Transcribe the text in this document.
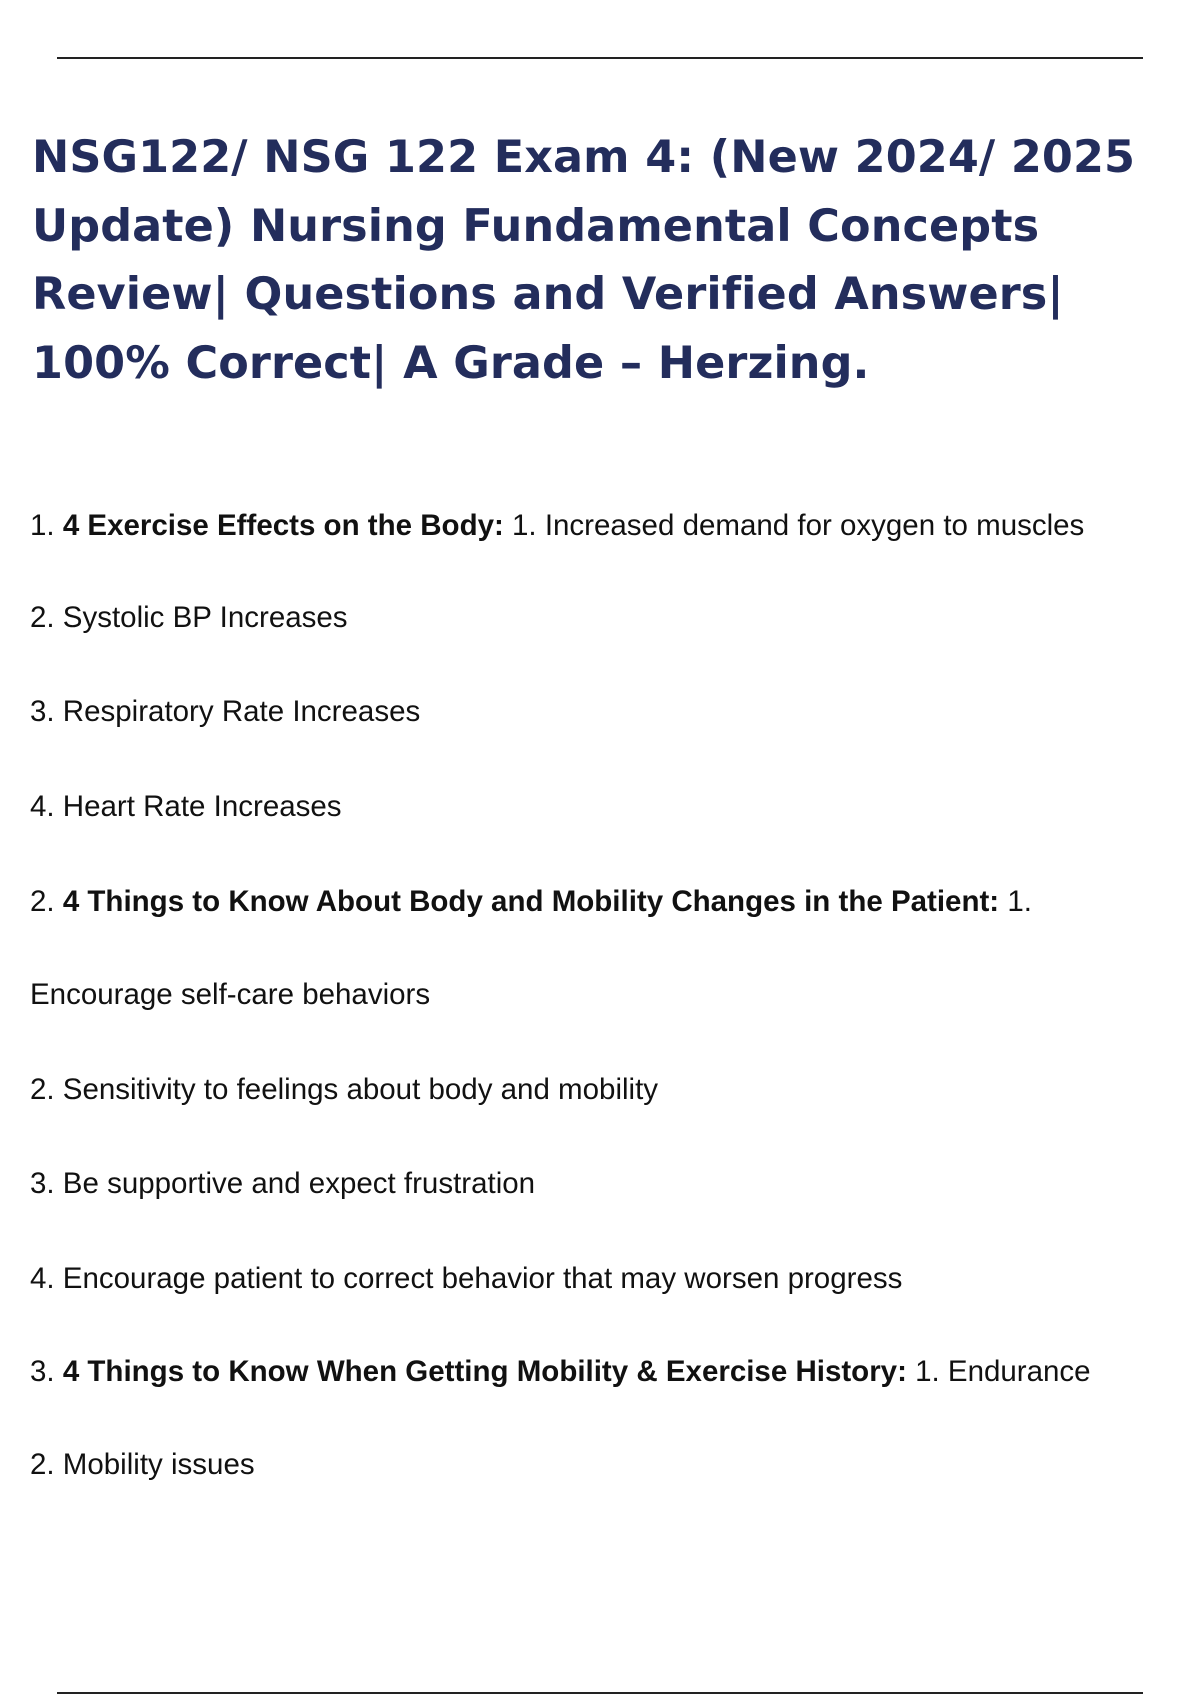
NSG122/ NSG 122 Exam 4: (New 2024/ 2025 Update) Nursing Fundamental Concepts Review| Questions and Verified Answers| 100% Correct| A Grade – Herzing.

1. 4 Exercise Effects on the Body: 1. Increased demand for oxygen to muscles

2. Systolic BP Increases

3. Respiratory Rate Increases

4. Heart Rate Increases

2. 4 Things to Know About Body and Mobility Changes in the Patient: 1.

Encourage self-care behaviors

2. Sensitivity to feelings about body and mobility

3. Be supportive and expect frustration

4. Encourage patient to correct behavior that may worsen progress

3. 4 Things to Know When Getting Mobility & Exercise History: 1. Endurance

2. Mobility issues
